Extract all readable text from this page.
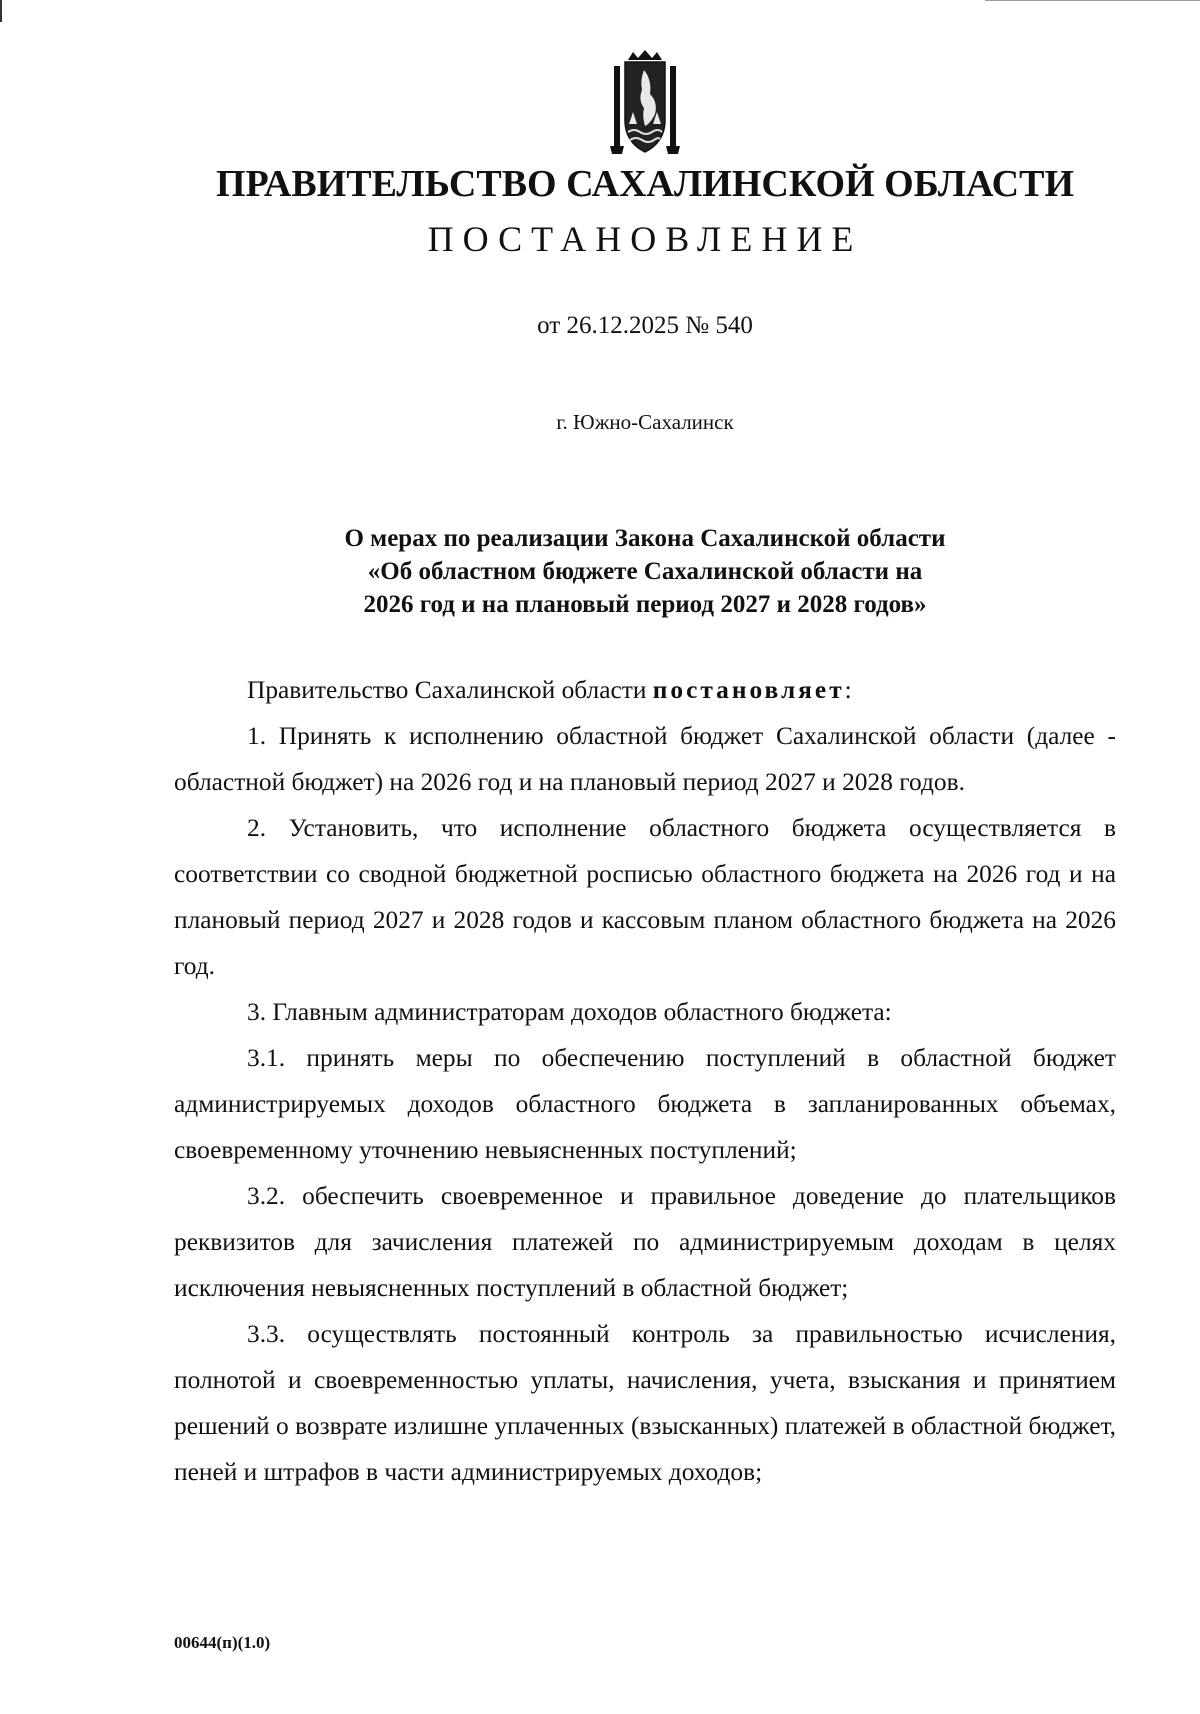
ПРАВИТЕЛЬСТВО САХАЛИНСКОЙ ОБЛАСТИ
ПОСТАНОВЛЕНИЕ
от 26.12.2025 № 540
г. Южно-Сахалинск
О мерах по реализации Закона Сахалинской области
«Об областном бюджете Сахалинской области на
2026 год и на плановый период 2027 и 2028 годов»

Правительство Сахалинской области постановляет:

1. Принять к исполнению областной бюджет Сахалинской области (далее - областной бюджет) на 2026 год и на плановый период 2027 и 2028 годов.

2. Установить, что исполнение областного бюджета осуществляется в соответствии со сводной бюджетной росписью областного бюджета на 2026 год и на плановый период 2027 и 2028 годов и кассовым планом областного бюджета на 2026 год.

3. Главным администраторам доходов областного бюджета:

3.1. принять меры по обеспечению поступлений в областной бюджет администрируемых доходов областного бюджета в запланированных объемах, своевременному уточнению невыясненных поступлений;

3.2. обеспечить своевременное и правильное доведение до плательщиков реквизитов для зачисления платежей по администрируемым доходам в целях исключения невыясненных поступлений в областной бюджет;

3.3. осуществлять постоянный контроль за правильностью исчисления, полнотой и своевременностью уплаты, начисления, учета, взыскания и принятием решений о возврате излишне уплаченных (взысканных) платежей в областной бюджет, пеней и штрафов в части администрируемых доходов;

00644(п)(1.0)
